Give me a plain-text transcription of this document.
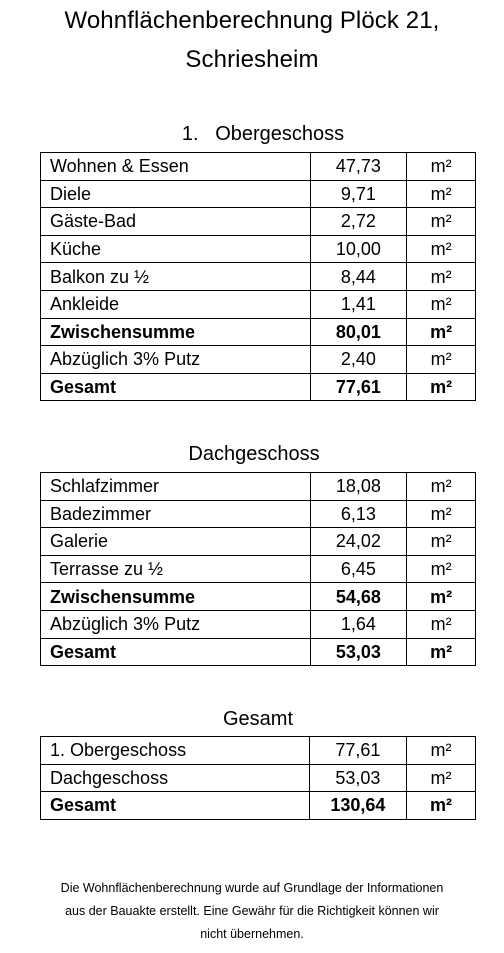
Wohnflächenberechnung Plöck 21,
Schriesheim
1.   Obergeschoss
Wohnen & Essen	47,73	m²
Diele	9,71	m²
Gäste-Bad	2,72	m²
Küche	10,00	m²
Balkon zu ½	8,44	m²
Ankleide	1,41	m²
Zwischensumme	80,01	m²
Abzüglich 3% Putz	2,40	m²
Gesamt	77,61	m²
Dachgeschoss
Schlafzimmer	18,08	m²
Badezimmer	6,13	m²
Galerie	24,02	m²
Terrasse zu ½	6,45	m²
Zwischensumme	54,68	m²
Abzüglich 3% Putz	1,64	m²
Gesamt	53,03	m²
Gesamt
1. Obergeschoss	77,61	m²
Dachgeschoss	53,03	m²
Gesamt	130,64	m²
Die Wohnflächenberechnung wurde auf Grundlage der Informationen
aus der Bauakte erstellt. Eine Gewähr für die Richtigkeit können wir
nicht übernehmen.
